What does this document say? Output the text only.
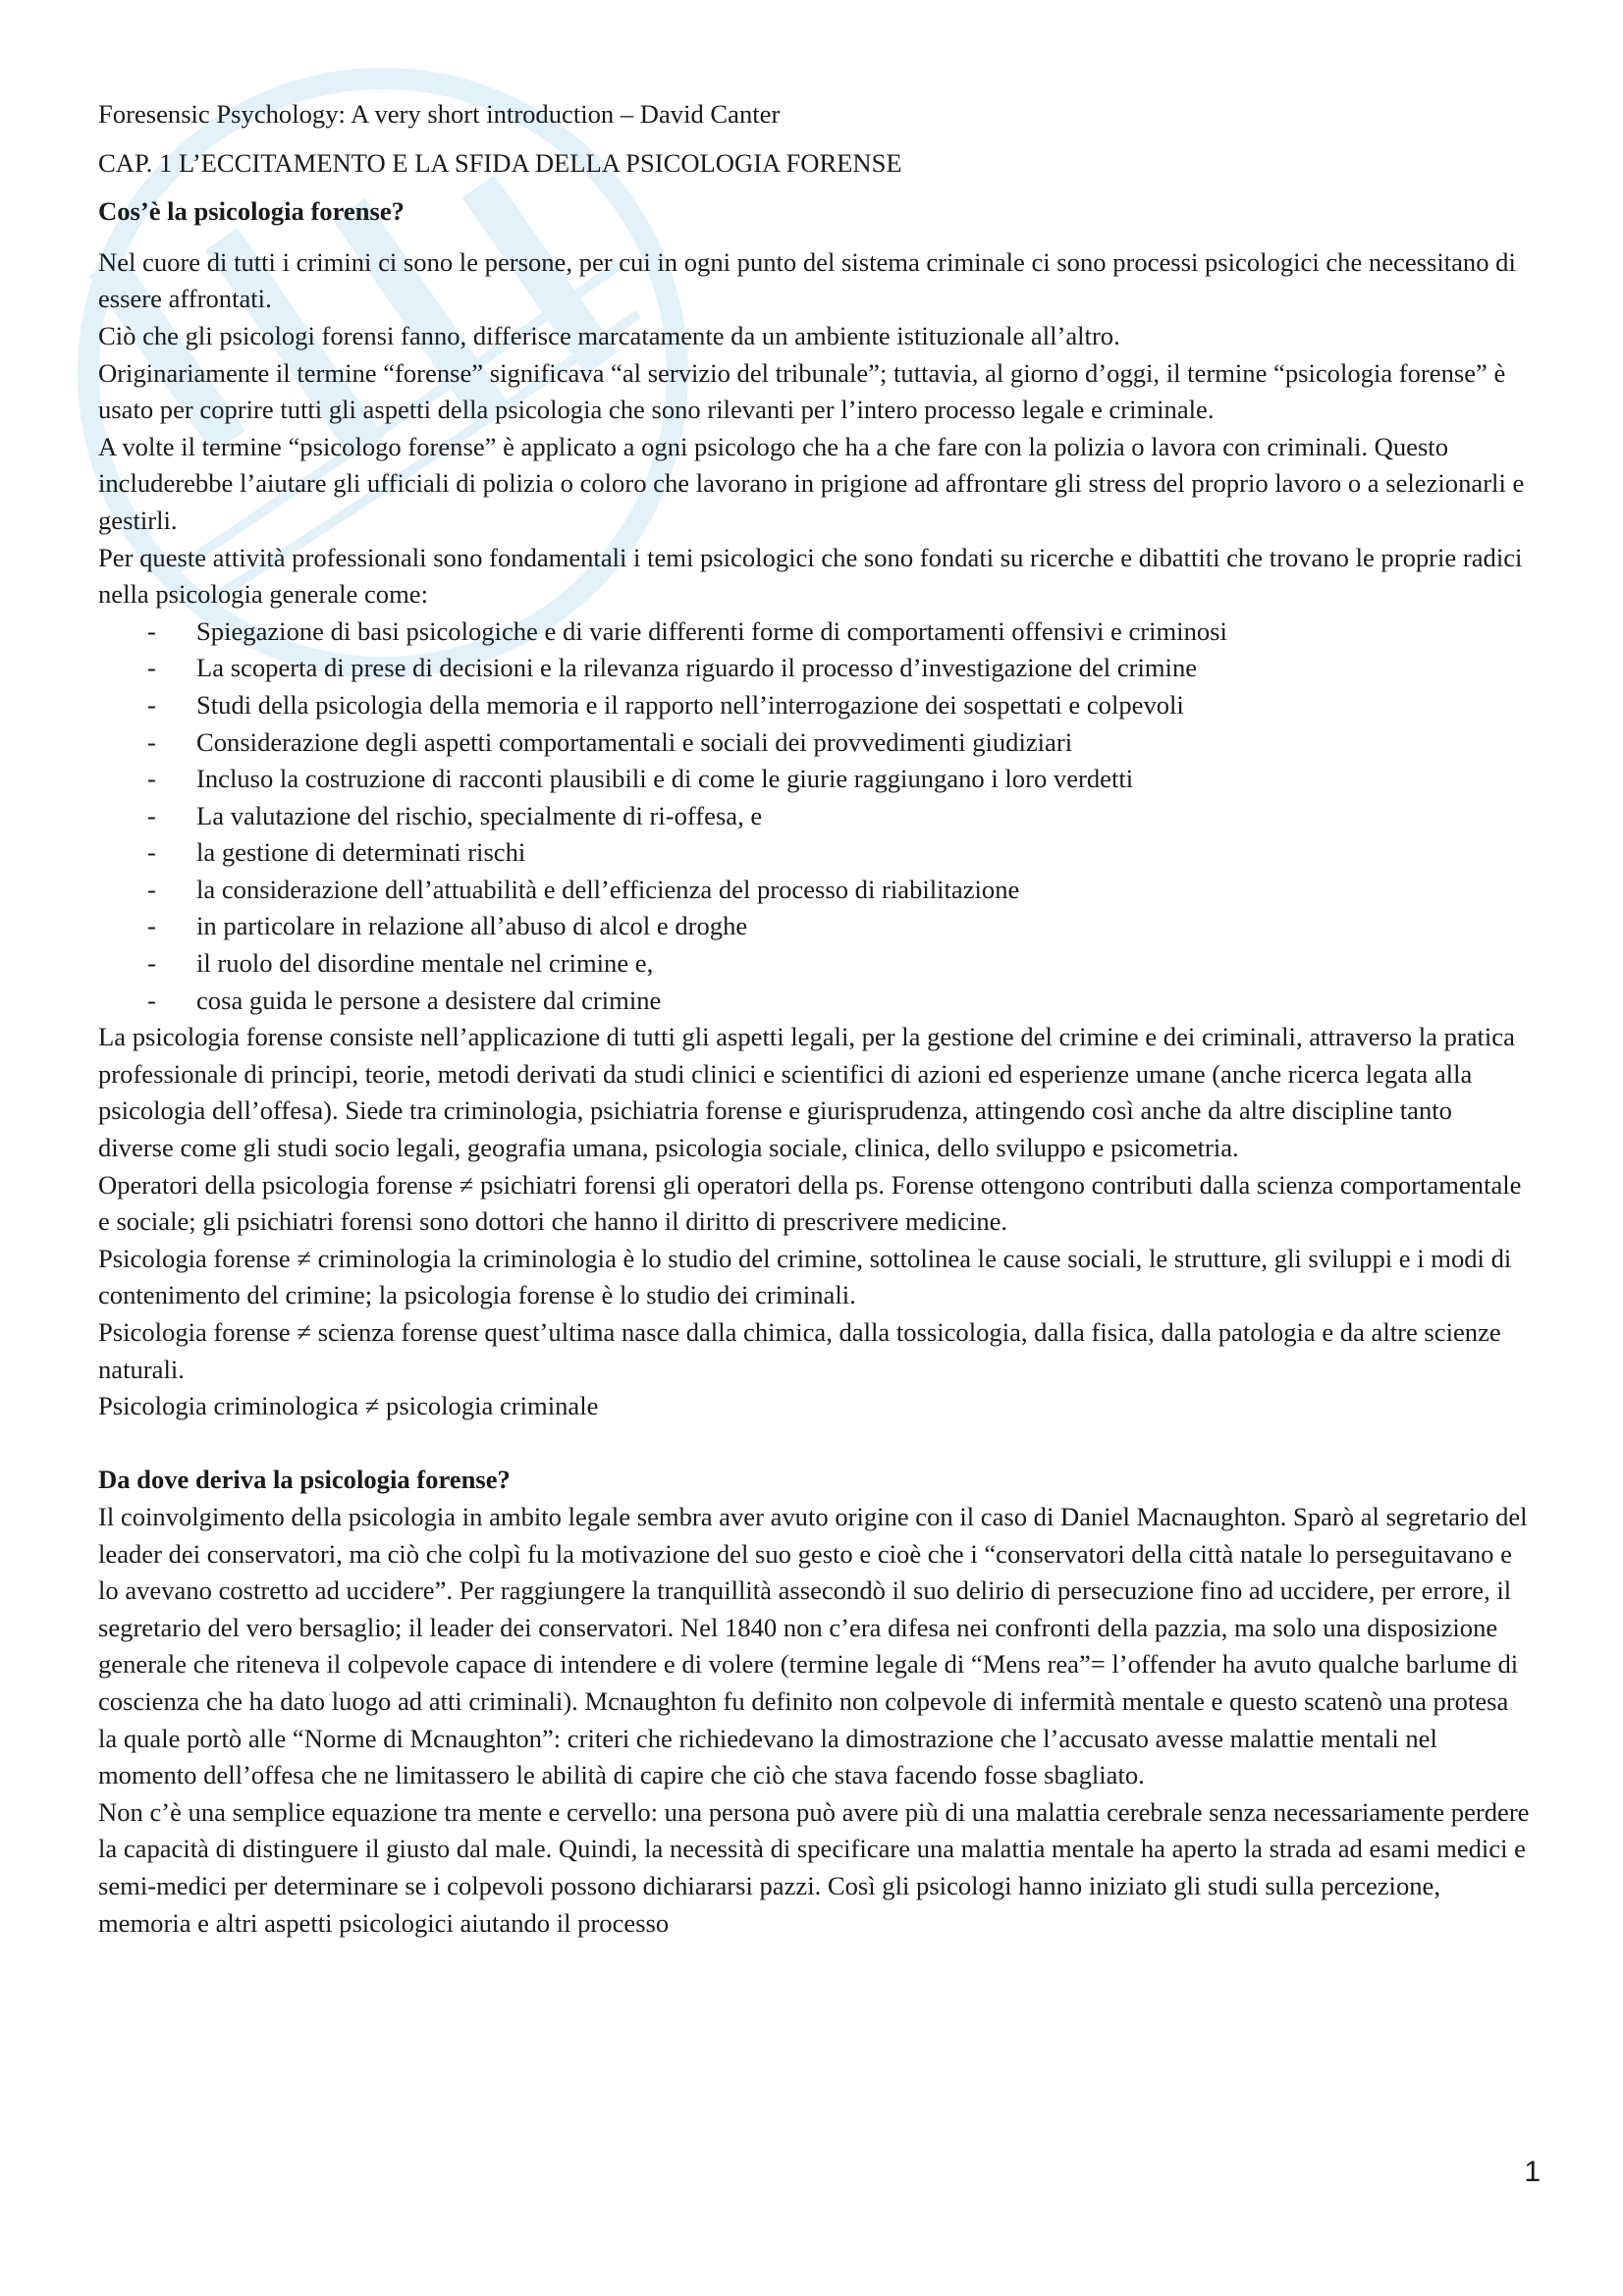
Foresensic Psychology: A very short introduction – David Canter

CAP. 1 L’ECCITAMENTO E LA SFIDA DELLA PSICOLOGIA FORENSE

Cos’è la psicologia forense?

Nel cuore di tutti i crimini ci sono le persone, per cui in ogni punto del sistema criminale ci sono processi psicologici che necessitano di essere affrontati.

Ciò che gli psicologi forensi fanno, differisce marcatamente da un ambiente istituzionale all’altro.

Originariamente il termine “forense” significava “al servizio del tribunale”; tuttavia, al giorno d’oggi, il termine “psicologia forense” è usato per coprire tutti gli aspetti della psicologia che sono rilevanti per l’intero processo legale e criminale.

A volte il termine “psicologo forense” è applicato a ogni psicologo che ha a che fare con la polizia o lavora con criminali. Questo includerebbe l’aiutare gli ufficiali di polizia o coloro che lavorano in prigione ad affrontare gli stress del proprio lavoro o a selezionarli e gestirli.

Per queste attività professionali sono fondamentali i temi psicologici che sono fondati su ricerche e dibattiti che trovano le proprie radici nella psicologia generale come:

- Spiegazione di basi psicologiche e di varie differenti forme di comportamenti offensivi e criminosi
- La scoperta di prese di decisioni e la rilevanza riguardo il processo d’investigazione del crimine
- Studi della psicologia della memoria e il rapporto nell’interrogazione dei sospettati e colpevoli
- Considerazione degli aspetti comportamentali e sociali dei provvedimenti giudiziari
- Incluso la costruzione di racconti plausibili e di come le giurie raggiungano i loro verdetti
- La valutazione del rischio, specialmente di ri-offesa, e
- la gestione di determinati rischi
- la considerazione dell’attuabilità e dell’efficienza del processo di riabilitazione
- in particolare in relazione all’abuso di alcol e droghe
- il ruolo del disordine mentale nel crimine e,
- cosa guida le persone a desistere dal crimine

La psicologia forense consiste nell’applicazione di tutti gli aspetti legali, per la gestione del crimine e dei criminali, attraverso la pratica professionale di principi, teorie, metodi derivati da studi clinici e scientifici di azioni ed esperienze umane (anche ricerca legata alla psicologia dell’offesa). Siede tra criminologia, psichiatria forense e giurisprudenza, attingendo così anche da altre discipline tanto diverse come gli studi socio legali, geografia umana, psicologia sociale, clinica, dello sviluppo e psicometria.

Operatori della psicologia forense ≠ psichiatri forensi gli operatori della ps. Forense ottengono contributi dalla scienza comportamentale e sociale; gli psichiatri forensi sono dottori che hanno il diritto di prescrivere medicine.

Psicologia forense ≠ criminologia la criminologia è lo studio del crimine, sottolinea le cause sociali, le strutture, gli sviluppi e i modi di contenimento del crimine; la psicologia forense è lo studio dei criminali.

Psicologia forense ≠ scienza forense quest’ultima nasce dalla chimica, dalla tossicologia, dalla fisica, dalla patologia e da altre scienze naturali.

Psicologia criminologica ≠ psicologia criminale

Da dove deriva la psicologia forense?

Il coinvolgimento della psicologia in ambito legale sembra aver avuto origine con il caso di Daniel Macnaughton. Sparò al segretario del leader dei conservatori, ma ciò che colpì fu la motivazione del suo gesto e cioè che i “conservatori della città natale lo perseguitavano e lo avevano costretto ad uccidere”. Per raggiungere la tranquillità assecondò il suo delirio di persecuzione fino ad uccidere, per errore, il segretario del vero bersaglio; il leader dei conservatori. Nel 1840 non c’era difesa nei confronti della pazzia, ma solo una disposizione generale che riteneva il colpevole capace di intendere e di volere (termine legale di “Mens rea”= l’offender ha avuto qualche barlume di coscienza che ha dato luogo ad atti criminali). Mcnaughton fu definito non colpevole di infermità mentale e questo scatenò una protesa la quale portò alle “Norme di Mcnaughton”: criteri che richiedevano la dimostrazione che l’accusato avesse malattie mentali nel momento dell’offesa che ne limitassero le abilità di capire che ciò che stava facendo fosse sbagliato.

Non c’è una semplice equazione tra mente e cervello: una persona può avere più di una malattia cerebrale senza necessariamente perdere la capacità di distinguere il giusto dal male. Quindi, la necessità di specificare una malattia mentale ha aperto la strada ad esami medici e semi-medici per determinare se i colpevoli possono dichiararsi pazzi. Così gli psicologi hanno iniziato gli studi sulla percezione, memoria e altri aspetti psicologici aiutando il processo

1
